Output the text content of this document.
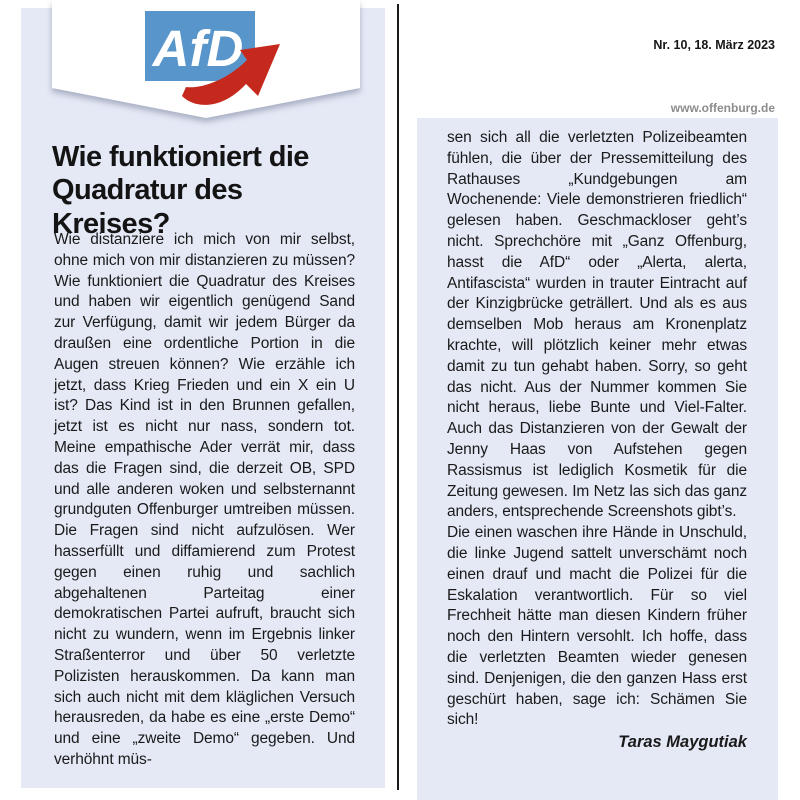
AfD
Wie funktioniert die Quadratur des Kreises?
Wie distanziere ich mich von mir selbst, ohne mich von mir distanzieren zu müssen? Wie funktioniert die Quadratur des Kreises und haben wir eigentlich genügend Sand zur Verfügung, damit wir jedem Bürger da draußen eine ordentliche Portion in die Augen streuen können? Wie erzähle ich jetzt, dass Krieg Frieden und ein X ein U ist? Das Kind ist in den Brunnen gefallen, jetzt ist es nicht nur nass, sondern tot. Meine empathische Ader verrät mir, dass das die Fragen sind, die derzeit OB, SPD und alle anderen woken und selbsternannt grundguten Offenburger umtreiben müssen. Die Fragen sind nicht aufzulösen. Wer hasserfüllt und diffamierend zum Protest gegen einen ruhig und sachlich abgehaltenen Parteitag einer demokratischen Partei aufruft, braucht sich nicht zu wundern, wenn im Ergebnis linker Straßenterror und über 50 verletzte Polizisten herauskommen. Da kann man sich auch nicht mit dem kläglichen Versuch herausreden, da habe es eine „erste Demo“ und eine „zweite Demo“ gegeben. Und verhöhnt müs-
Nr. 10, 18. März 2023
www.offenburg.de

sen sich all die verletzten Polizeibeamten fühlen, die über der Pressemitteilung des Rathauses „Kundgebungen am Wochenende: Viele demonstrieren friedlich“ gelesen haben. Geschmackloser geht’s nicht. Sprechchöre mit „Ganz Offenburg, hasst die AfD“ oder „Alerta, alerta, Antifascista“ wurden in trauter Eintracht auf der Kinzigbrücke geträllert. Und als es aus demselben Mob heraus am Kronenplatz krachte, will plötzlich keiner mehr etwas damit zu tun gehabt haben. Sorry, so geht das nicht. Aus der Nummer kommen Sie nicht heraus, liebe Bunte und Viel-Falter. Auch das Distanzieren von der Gewalt der Jenny Haas von Aufstehen gegen Rassismus ist lediglich Kosmetik für die Zeitung gewesen. Im Netz las sich das ganz anders, entsprechende Screenshots gibt’s.

Die einen waschen ihre Hände in Unschuld, die linke Jugend sattelt unverschämt noch einen drauf und macht die Polizei für die Eskalation verantwortlich. Für so viel Frechheit hätte man diesen Kindern früher noch den Hintern versohlt. Ich hoffe, dass die verletzten Beamten wieder genesen sind. Denjenigen, die den ganzen Hass erst geschürt haben, sage ich: Schämen Sie sich!

Taras Maygutiak
